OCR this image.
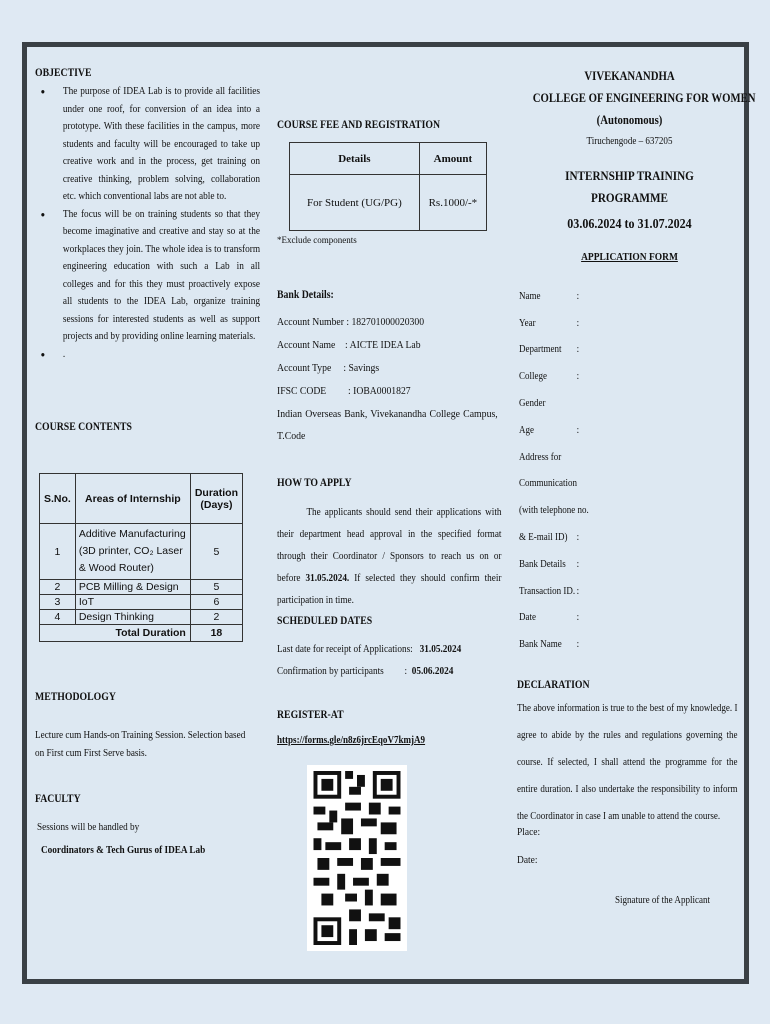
OBJECTIVE
● The purpose of IDEA Lab is to provide all facilities under one roof, for conversion of an idea into a prototype. With these facilities in the campus, more students and faculty will be encouraged to take up creative work and in the process, get training on creative thinking, problem solving, collaboration etc. which conventional labs are not able to.
● The focus will be on training students so that they become imaginative and creative and stay so at the workplaces they join. The whole idea is to transform engineering education with such a Lab in all colleges and for this they must proactively expose all students to the IDEA Lab, organize training sessions for interested students as well as support projects and by providing online learning materials.
● .
COURSE CONTENTS
S.No.	Areas of Internship	Duration (Days)
1	Additive Manufacturing (3D printer, CO₂ Laser & Wood Router)	5
2	PCB Milling & Design	5
3	IoT	6
4	Design Thinking	2
Total Duration		18
METHODOLOGY
Lecture cum Hands-on Training Session. Selection based on First cum First Serve basis.
FACULTY
Sessions will be handled by
Coordinators & Tech Gurus of IDEA Lab
COURSE FEE AND REGISTRATION
Details	Amount
For Student (UG/PG)	Rs.1000/-*
*Exclude components
Bank Details:
Account Number : 182701000020300
Account Name    : AICTE IDEA Lab
Account Type     : Savings
IFSC CODE         : IOBA0001827
Indian Overseas Bank, Vivekanandha College Campus, T.Code
HOW TO APPLY
The applicants should send their applications with their department head approval in the specified format through their Coordinator / Sponsors to reach us on or before 31.05.2024. If selected they should confirm their participation in time.
SCHEDULED DATES
Last date for receipt of Applications: 31.05.2024
Confirmation by participants         : 05.06.2024
REGISTER-AT
https://forms.gle/n8z6jrcEqoV7kmjA9
VIVEKANANDHA
COLLEGE OF ENGINEERING FOR WOMEN
(Autonomous)
Tiruchengode – 637205
INTERNSHIP TRAINING
PROGRAMME
03.06.2024 to 31.07.2024
APPLICATION FORM
Name	:
Year	:
Department	:
College	:
Gender
Age	:
Address for
Communication
(with telephone no.
& E-mail ID) :
Bank Details	:
Transaction ID. :
Date	:
Bank Name	:
DECLARATION
The above information is true to the best of my knowledge. I agree to abide by the rules and regulations governing the course. If selected, I shall attend the programme for the entire duration. I also undertake the responsibility to inform the Coordinator in case I am unable to attend the course.
Place:
Date:
Signature of the Applicant
